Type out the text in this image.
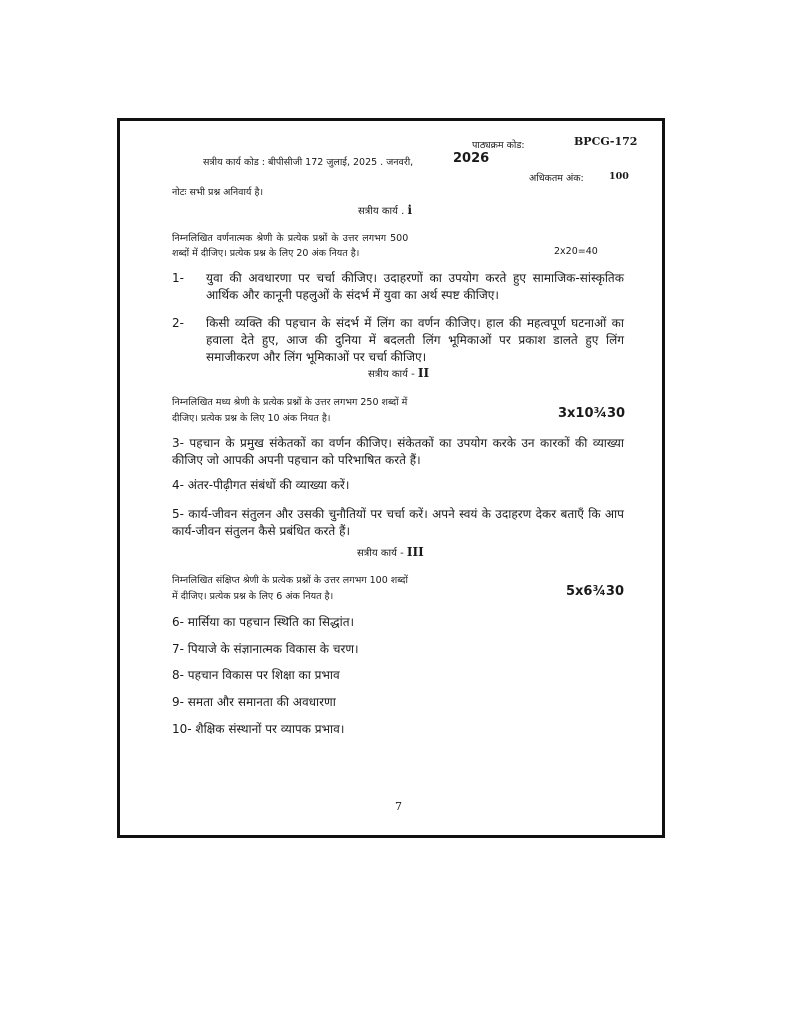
पाठ्यक्रम कोड:	BPCG-172
सत्रीय कार्य कोड : बीपीसीजी 172 जुलाई, 2025 . जनवरी,	2026
अधिकतम अंक:	100
नोटः सभी प्रश्न अनिवार्य है।
सत्रीय कार्य . i
निम्नलिखित वर्णनात्मक श्रेणी के प्रत्येक प्रश्नों के उत्तर लगभग 500
शब्दों में दीजिए। प्रत्येक प्रश्न के लिए 20 अंक नियत है।	2x20=40
1- युवा की अवधारणा पर चर्चा कीजिए। उदाहरणों का उपयोग करते हुए सामाजिक-सांस्कृतिक आर्थिक और कानूनी पहलुओं के संदर्भ में युवा का अर्थ स्पष्ट कीजिए।
2- किसी व्यक्ति की पहचान के संदर्भ में लिंग का वर्णन कीजिए। हाल की महत्वपूर्ण घटनाओं का हवाला देते हुए, आज की दुनिया में बदलती लिंग भूमिकाओं पर प्रकाश डालते हुए लिंग समाजीकरण और लिंग भूमिकाओं पर चर्चा कीजिए।
सत्रीय कार्य - II
निम्नलिखित मध्य श्रेणी के प्रत्येक प्रश्नों के उत्तर लगभग 250 शब्दों में
दीजिए। प्रत्येक प्रश्न के लिए 10 अंक नियत है।	3x10¾30
3- पहचान के प्रमुख संकेतकों का वर्णन कीजिए। संकेतकों का उपयोग करके उन कारकों की व्याख्या कीजिए जो आपकी अपनी पहचान को परिभाषित करते हैं।
4- अंतर-पीढ़ीगत संबंधों की व्याख्या करें।
5- कार्य-जीवन संतुलन और उसकी चुनौतियों पर चर्चा करें। अपने स्वयं के उदाहरण देकर बताएँ कि आप कार्य-जीवन संतुलन कैसे प्रबंधित करते हैं।
सत्रीय कार्य - III
निम्नलिखित संक्षिप्त श्रेणी के प्रत्येक प्रश्नों के उत्तर लगभग 100 शब्दों
में दीजिए। प्रत्येक प्रश्न के लिए 6 अंक नियत है।	5x6¾30
6- मार्सिया का पहचान स्थिति का सिद्धांत।
7- पियाजे के संज्ञानात्मक विकास के चरण।
8- पहचान विकास पर शिक्षा का प्रभाव
9- समता और समानता की अवधारणा
10- शैक्षिक संस्थानों पर व्यापक प्रभाव।
7
